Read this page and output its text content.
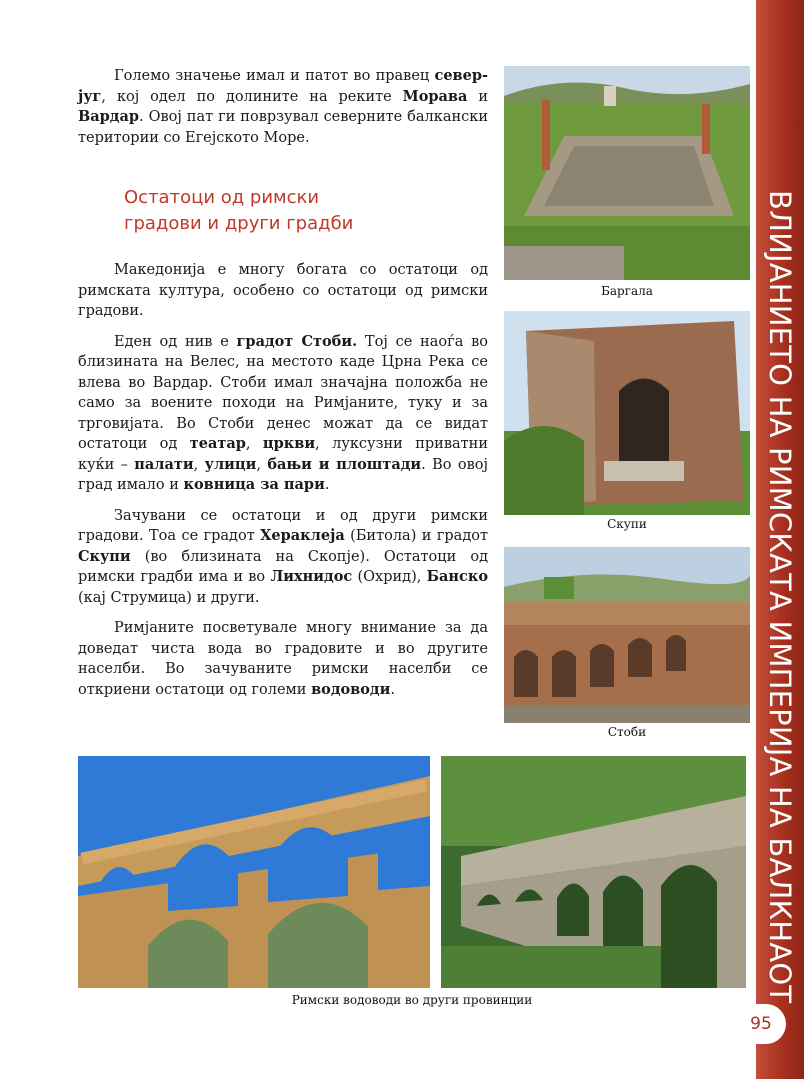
ВЛИЈАНИЕТО НА РИМСКАТА ИМПЕРИЈА НА БАЛКНАОТ

Големо значење имал и патот во правец север-југ, кој одел по долините на реките Морава и Вардар. Овој пат ги поврзувал северните балкански територии со Егејското Море.

Остатоци од римски
градови и други градби

Македонија е многу богата со остатоци од римската култура, особено со остатоци од римски градови.

Еден од нив е градот Стоби. Тој се наоѓа во близината на Велес, на местото каде Црна Река се влева во Вардар. Стоби имал значајна положба не само за воените походи на Римјаните, туку и за трговијата. Во Стоби денес можат да се видат остатоци од театар, цркви, луксузни приватни куќи – палати, улици, бањи и плоштади. Во овој град имало и ковница за пари.

Зачувани се остатоци и од други римски градови. Тоа се градот Хераклеја (Битола) и градот Скупи (во близината на Скопје). Остатоци од римски градби има и во Лихнидос (Охрид), Банско (кај Струмица) и други.

Римјаните посветувале многу внимание за да доведат чиста вода во градовите и во другите населби. Во зачуваните римски населби се откриени остатоци од големи водоводи.

Баргала
Скупи
Стоби
Римски водоводи во други провинции
95
